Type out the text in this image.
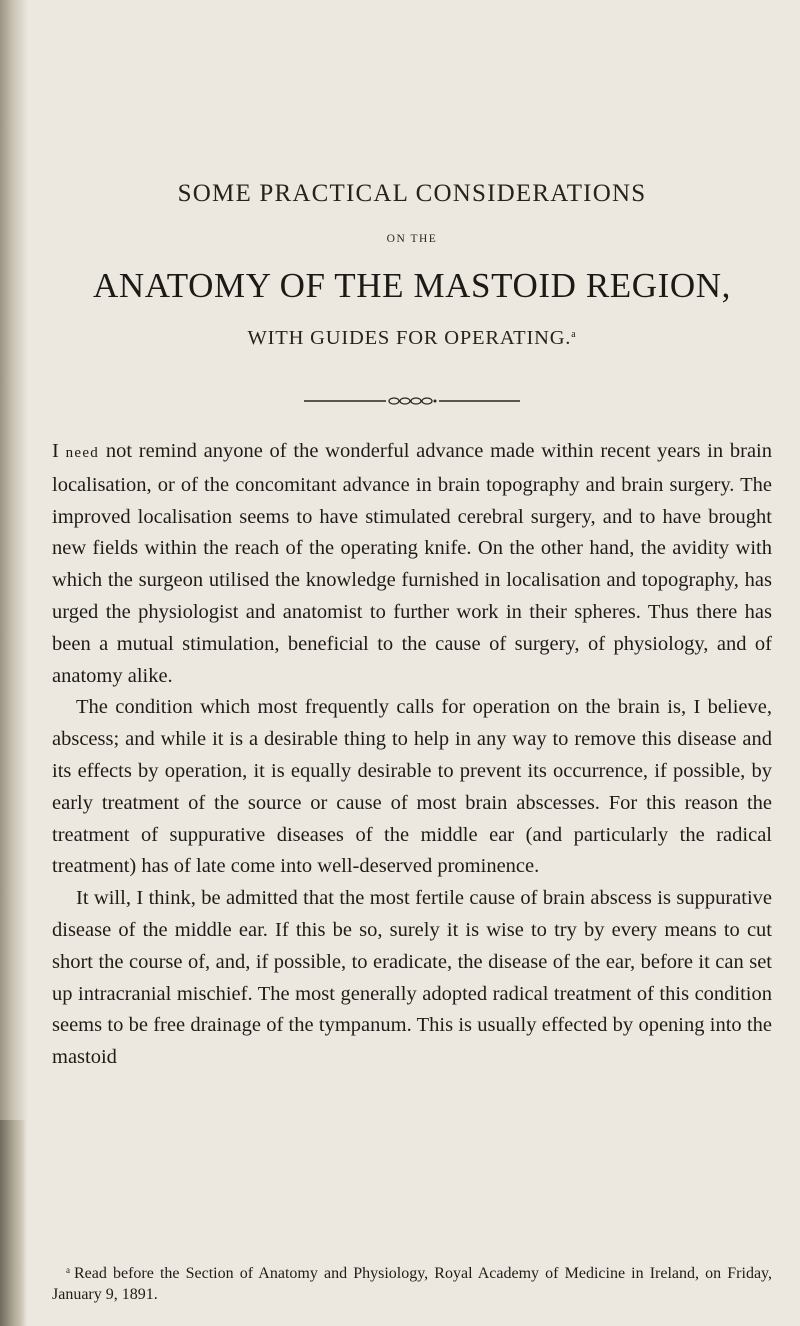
SOME PRACTICAL CONSIDERATIONS
ON THE
ANATOMY OF THE MASTOID REGION,
WITH GUIDES FOR OPERATING.$^a$

I need not remind anyone of the wonderful advance made within recent years in brain localisation, or of the concomitant advance in brain topography and brain surgery. The improved localisation seems to have stimulated cerebral surgery, and to have brought new fields within the reach of the operating knife. On the other hand, the avidity with which the surgeon utilised the knowledge furnished in localisation and topography, has urged the physiologist and anatomist to further work in their spheres. Thus there has been a mutual stimulation, beneficial to the cause of surgery, of physiology, and of anatomy alike.

The condition which most frequently calls for operation on the brain is, I believe, abscess; and while it is a desirable thing to help in any way to remove this disease and its effects by operation, it is equally desirable to prevent its occurrence, if possible, by early treatment of the source or cause of most brain abscesses. For this reason the treatment of suppurative diseases of the middle ear (and particularly the radical treatment) has of late come into well-deserved prominence.

It will, I think, be admitted that the most fertile cause of brain abscess is suppurative disease of the middle ear. If this be so, surely it is wise to try by every means to cut short the course of, and, if possible, to eradicate, the disease of the ear, before it can set up intracranial mischief. The most generally adopted radical treatment of this condition seems to be free drainage of the tympanum. This is usually effected by opening into the mastoid

$^a$ Read before the Section of Anatomy and Physiology, Royal Academy of Medicine in Ireland, on Friday, January 9, 1891.
